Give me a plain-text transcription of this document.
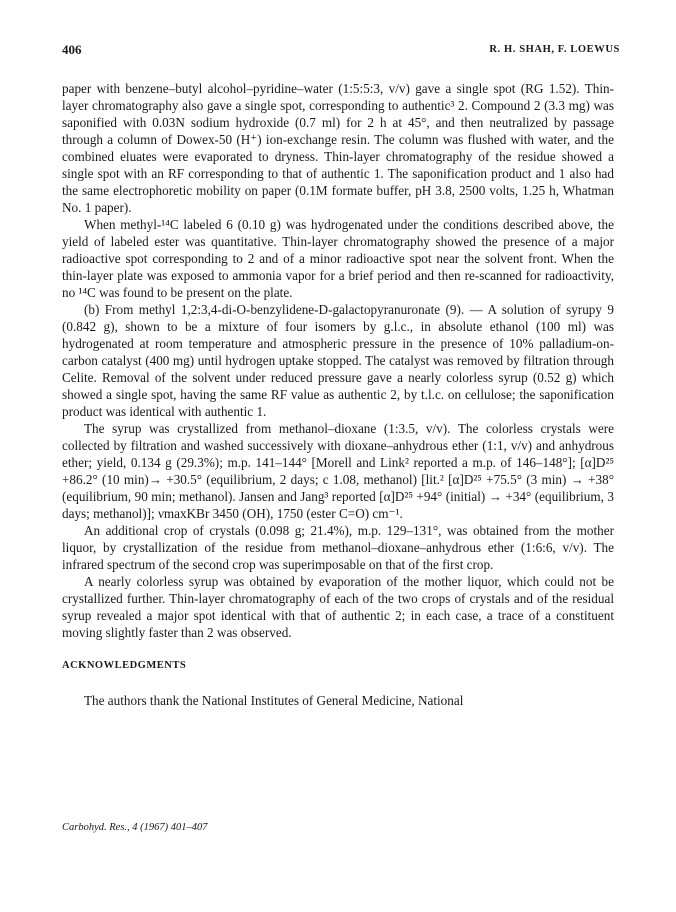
406	R. H. SHAH, F. LOEWUS

paper with benzene–butyl alcohol–pyridine–water (1:5:5:3, v/v) gave a single spot (RG 1.52). Thin-layer chromatography also gave a single spot, corresponding to authentic³ 2. Compound 2 (3.3 mg) was saponified with 0.03N sodium hydroxide (0.7 ml) for 2 h at 45°, and then neutralized by passage through a column of Dowex-50 (H⁺) ion-exchange resin. The column was flushed with water, and the combined eluates were evaporated to dryness. Thin-layer chromatography of the residue showed a single spot with an RF corresponding to that of authentic 1. The saponification product and 1 also had the same electrophoretic mobility on paper (0.1M formate buffer, pH 3.8, 2500 volts, 1.25 h, Whatman No. 1 paper).

When methyl-¹⁴C labeled 6 (0.10 g) was hydrogenated under the conditions described above, the yield of labeled ester was quantitative. Thin-layer chromatography showed the presence of a major radioactive spot corresponding to 2 and of a minor radioactive spot near the solvent front. When the thin-layer plate was exposed to ammonia vapor for a brief period and then re-scanned for radioactivity, no ¹⁴C was found to be present on the plate.

(b) From methyl 1,2:3,4-di-O-benzylidene-D-galactopyranuronate (9). — A solution of syrupy 9 (0.842 g), shown to be a mixture of four isomers by g.l.c., in absolute ethanol (100 ml) was hydrogenated at room temperature and atmospheric pressure in the presence of 10% palladium-on-carbon catalyst (400 mg) until hydrogen uptake stopped. The catalyst was removed by filtration through Celite. Removal of the solvent under reduced pressure gave a nearly colorless syrup (0.52 g) which showed a single spot, having the same RF value as authentic 2, by t.l.c. on cellulose; the saponification product was identical with authentic 1.

The syrup was crystallized from methanol–dioxane (1:3.5, v/v). The colorless crystals were collected by filtration and washed successively with dioxane–anhydrous ether (1:1, v/v) and anhydrous ether; yield, 0.134 g (29.3%); m.p. 141–144° [Morell and Link² reported a m.p. of 146–148°]; [α]D²⁵ +86.2° (10 min)→ +30.5° (equilibrium, 2 days; c 1.08, methanol) [lit.² [α]D²⁵ +75.5° (3 min) → +38° (equilibrium, 90 min; methanol). Jansen and Jang³ reported [α]D²⁵ +94° (initial) → +34° (equilibrium, 3 days; methanol)]; νmaxKBr 3450 (OH), 1750 (ester C=O) cm⁻¹.

An additional crop of crystals (0.098 g; 21.4%), m.p. 129–131°, was obtained from the mother liquor, by crystallization of the residue from methanol–dioxane–anhydrous ether (1:6:6, v/v). The infrared spectrum of the second crop was superimposable on that of the first crop.

A nearly colorless syrup was obtained by evaporation of the mother liquor, which could not be crystallized further. Thin-layer chromatography of each of the two crops of crystals and of the residual syrup revealed a major spot identical with that of authentic 2; in each case, a trace of a constituent moving slightly faster than 2 was observed.

ACKNOWLEDGMENTS

The authors thank the National Institutes of General Medicine, National

Carbohyd. Res., 4 (1967) 401–407
